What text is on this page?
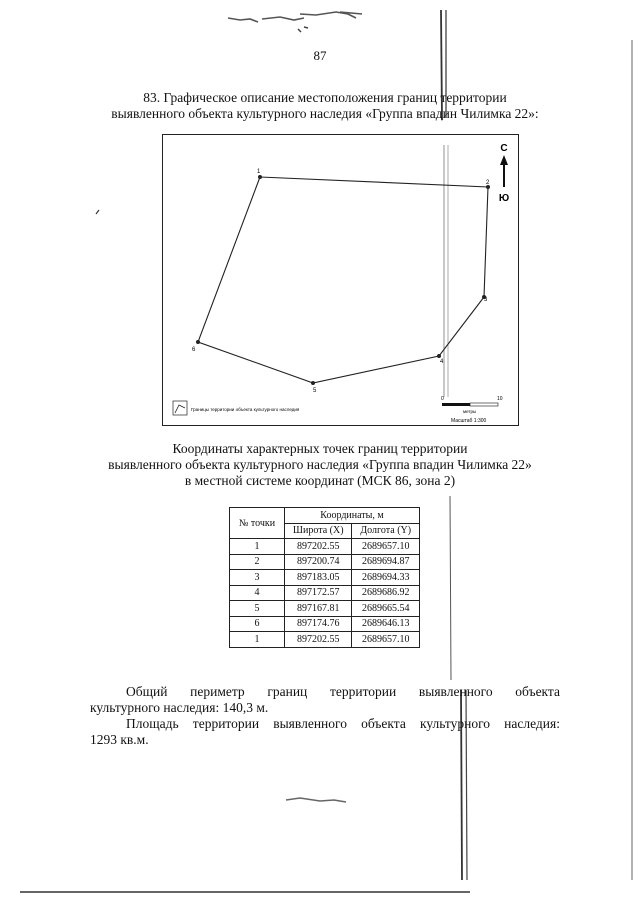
87
83. Графическое описание местоположения границ территории
выявленного объекта культурного наследия «Группа впадин Чилимка 22»:
1
2
3
4
5
6
С
Ю
Границы территории объекта культурного наследия
0	10
метры
Масштаб 1:300
Координаты характерных точек границ территории
выявленного объекта культурного наследия «Группа впадин Чилимка 22»
в местной системе координат (МСК 86, зона 2)
№ точки	Координаты, м	
	Широта (X)	Долгота (Y)
1	897202.55	2689657.10
2	897200.74	2689694.87
3	897183.05	2689694.33
4	897172.57	2689686.92
5	897167.81	2689665.54
6	897174.76	2689646.13
1	897202.55	2689657.10
Общий периметр границ территории выявленного объекта
культурного наследия: 140,3 м.
Площадь территории выявленного объекта культурного наследия:
1293 кв.м.
